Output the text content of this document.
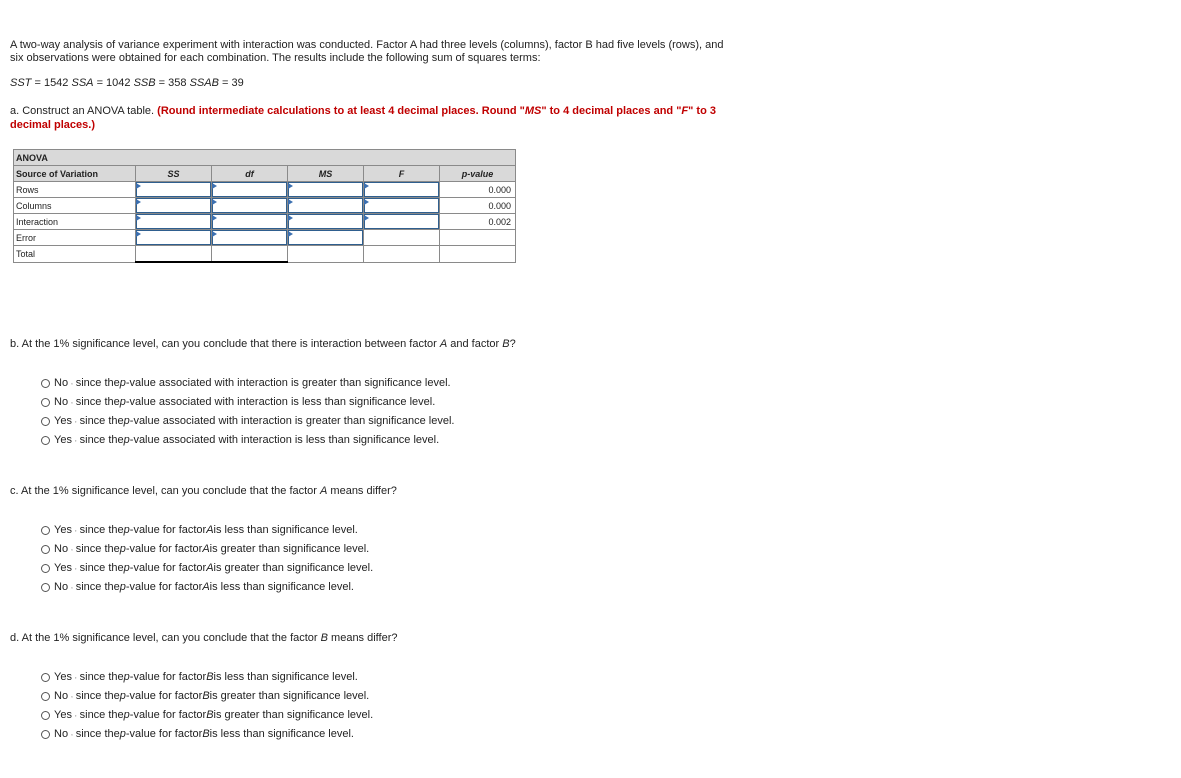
A two-way analysis of variance experiment with interaction was conducted. Factor A had three levels (columns), factor B had five levels (rows), and six observations were obtained for each combination. The results include the following sum of squares terms:
SST = 1542 SSA = 1042 SSB = 358 SSAB = 39
a. Construct an ANOVA table. (Round intermediate calculations to at least 4 decimal places. Round "MS" to 4 decimal places and "F" to 3 decimal places.)
ANOVA					
Source of Variation	SS	df	MS	F	p-value
Rows					0.000
Columns					0.000
Interaction					0.002
Error	

Total					
b. At the 1% significance level, can you conclude that there is interaction between factor A and factor B?
No , since the p -value associated with interaction is greater than significance level.
No , since the p -value associated with interaction is less than significance level.
Yes , since the p -value associated with interaction is greater than significance level.
Yes , since the p -value associated with interaction is less than significance level.
c. At the 1% significance level, can you conclude that the factor A means differ?
Yes , since the p -value for factor A is less than significance level.
No , since the p -value for factor A is greater than significance level.
Yes , since the p -value for factor A is greater than significance level.
No , since the p -value for factor A is less than significance level.
d. At the 1% significance level, can you conclude that the factor B means differ?
Yes , since the p -value for factor B is less than significance level.
No , since the p -value for factor B is greater than significance level.
Yes , since the p -value for factor B is greater than significance level.
No , since the p -value for factor B is less than significance level.
